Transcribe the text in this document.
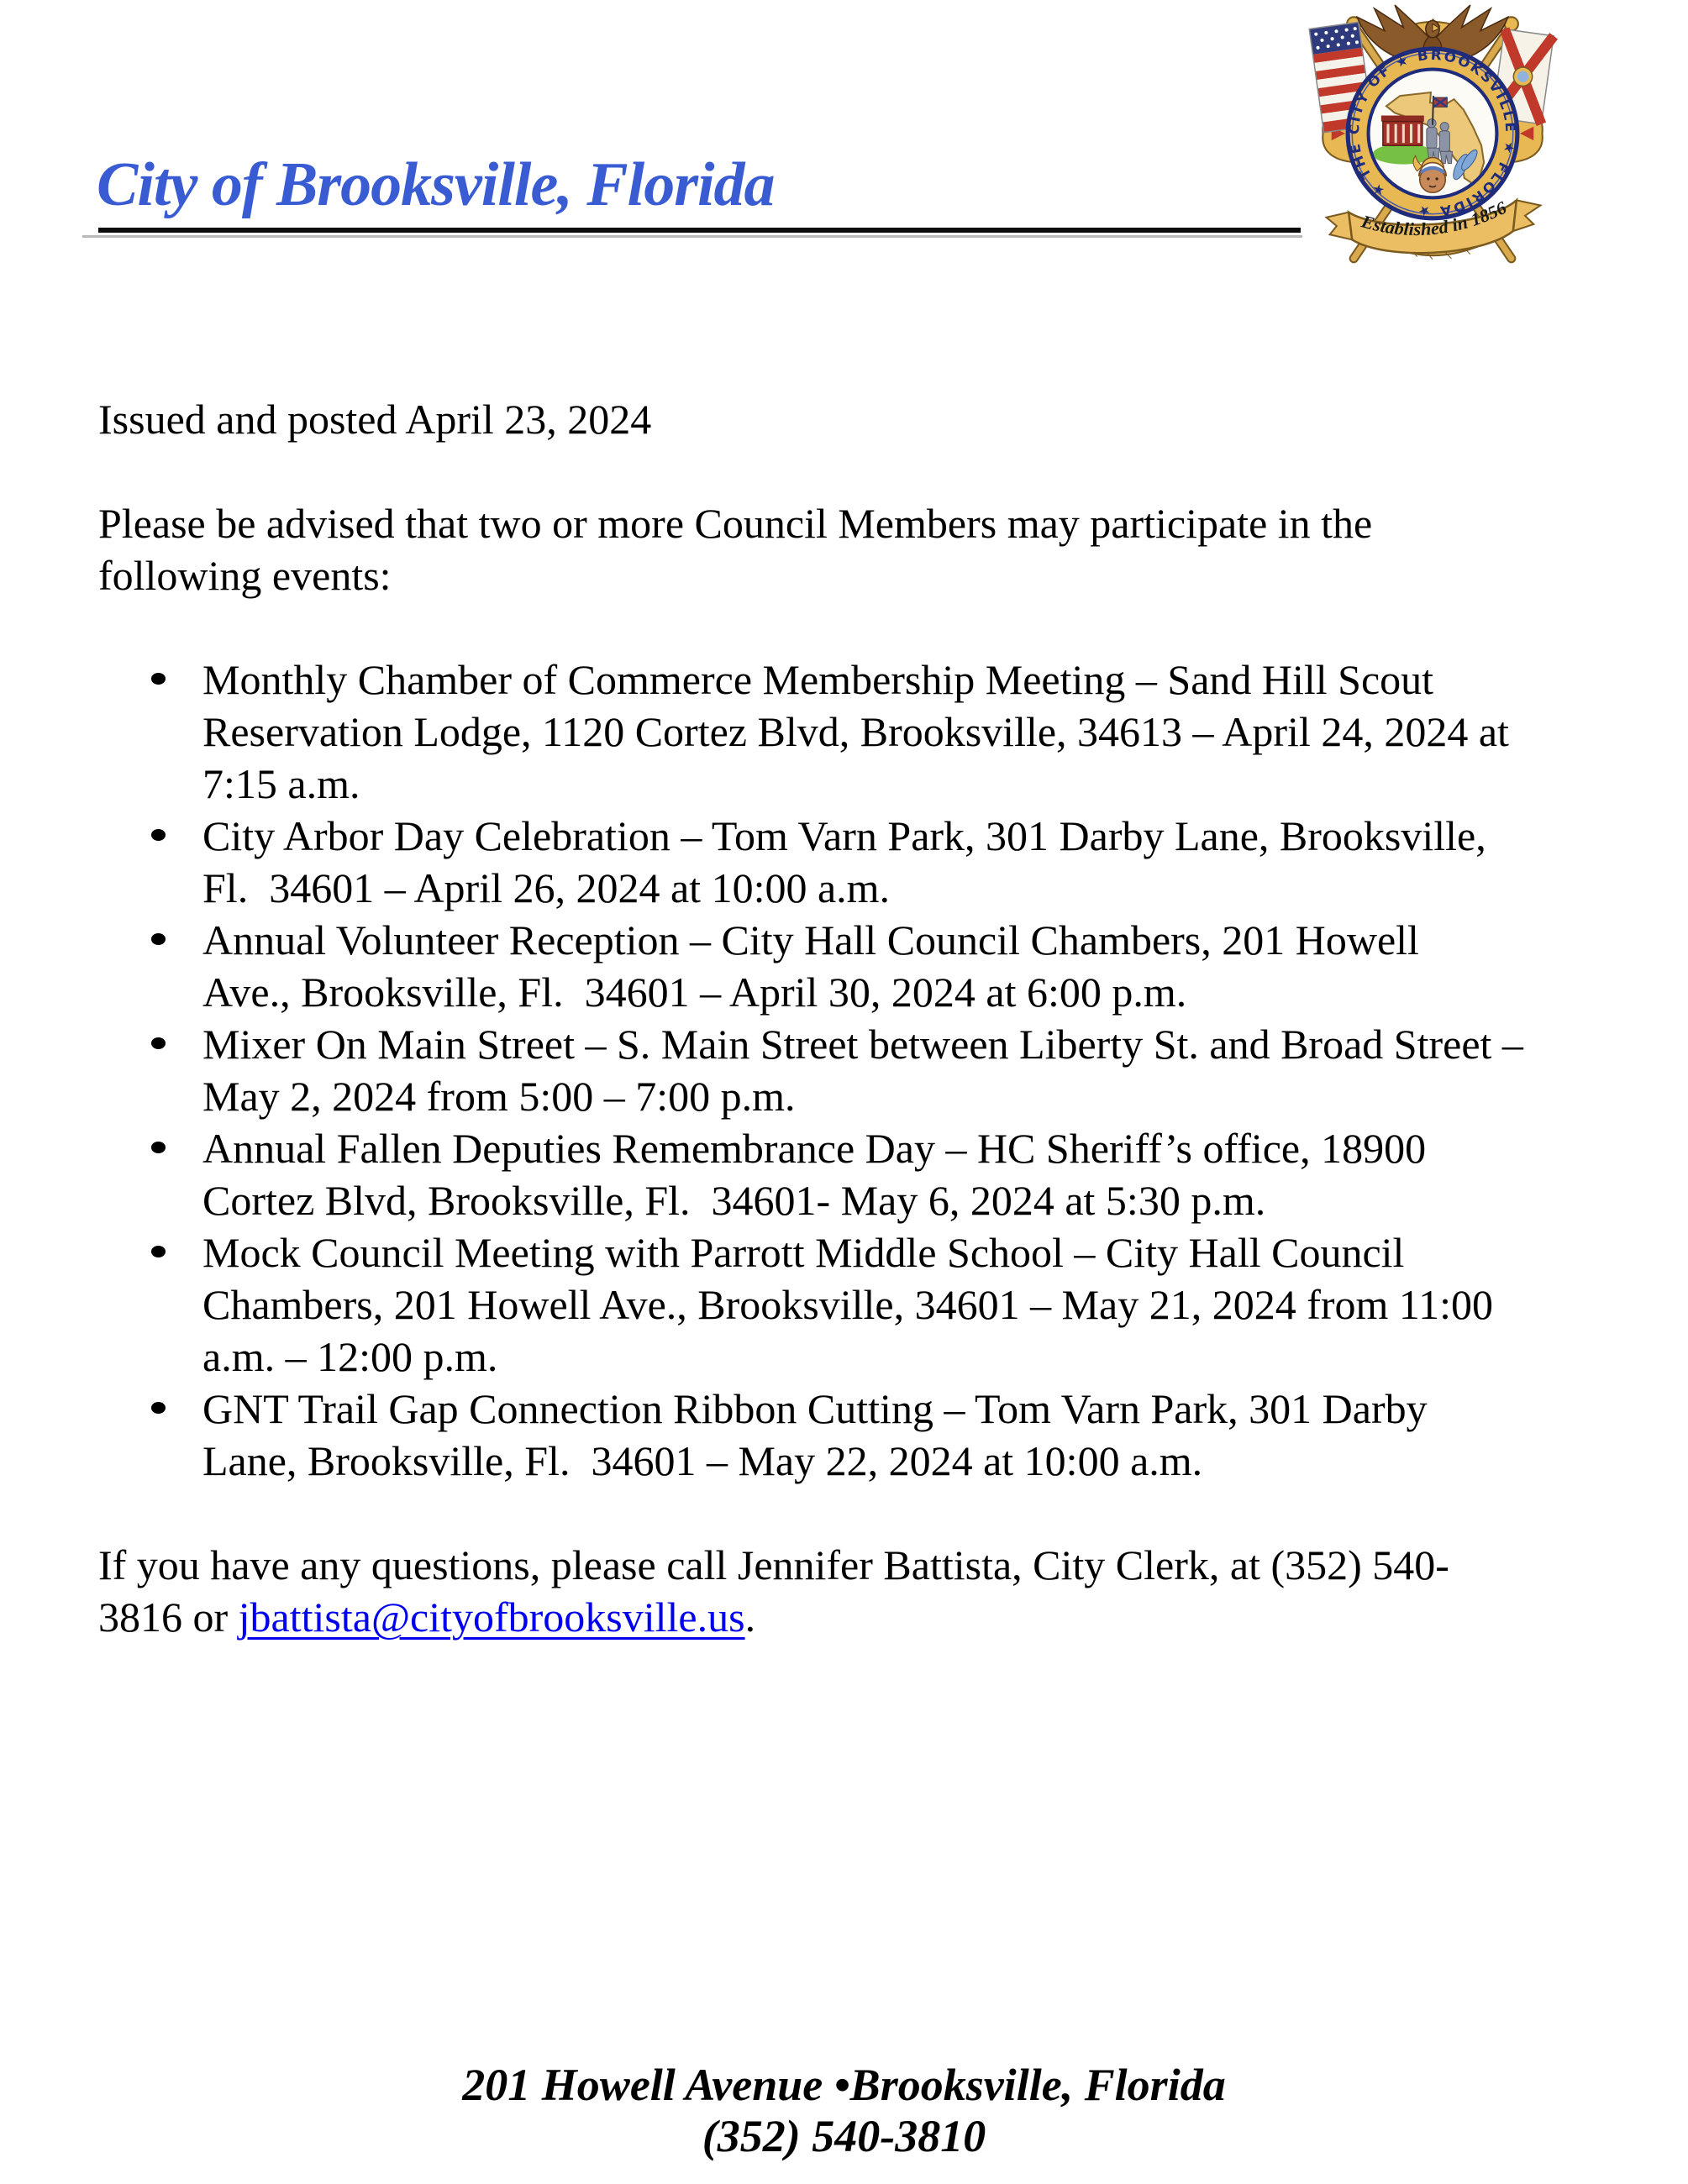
City of Brooksville, Florida	★ THE CITY OF ★ BROOKSVILLE ★ FLORIDA ★
Established in 1856
Issued and posted April 23, 2024
Please be advised that two or more Council Members may participate in the
following events:
Monthly Chamber of Commerce Membership Meeting – Sand Hill Scout
Reservation Lodge, 1120 Cortez Blvd, Brooksville, 34613 – April 24, 2024 at
7:15 a.m.
City Arbor Day Celebration – Tom Varn Park, 301 Darby Lane, Brooksville,
Fl.  34601 – April 26, 2024 at 10:00 a.m.
Annual Volunteer Reception – City Hall Council Chambers, 201 Howell
Ave., Brooksville, Fl.  34601 – April 30, 2024 at 6:00 p.m.
Mixer On Main Street – S. Main Street between Liberty St. and Broad Street –
May 2, 2024 from 5:00 – 7:00 p.m.
Annual Fallen Deputies Remembrance Day – HC Sheriff’s office, 18900
Cortez Blvd, Brooksville, Fl.  34601- May 6, 2024 at 5:30 p.m.
Mock Council Meeting with Parrott Middle School – City Hall Council
Chambers, 201 Howell Ave., Brooksville, 34601 – May 21, 2024 from 11:00
a.m. – 12:00 p.m.
GNT Trail Gap Connection Ribbon Cutting – Tom Varn Park, 301 Darby
Lane, Brooksville, Fl.  34601 – May 22, 2024 at 10:00 a.m.
If you have any questions, please call Jennifer Battista, City Clerk, at (352) 540-
3816 or jbattista@cityofbrooksville.us.
201 Howell Avenue •Brooksville, Florida
(352) 540-3810
